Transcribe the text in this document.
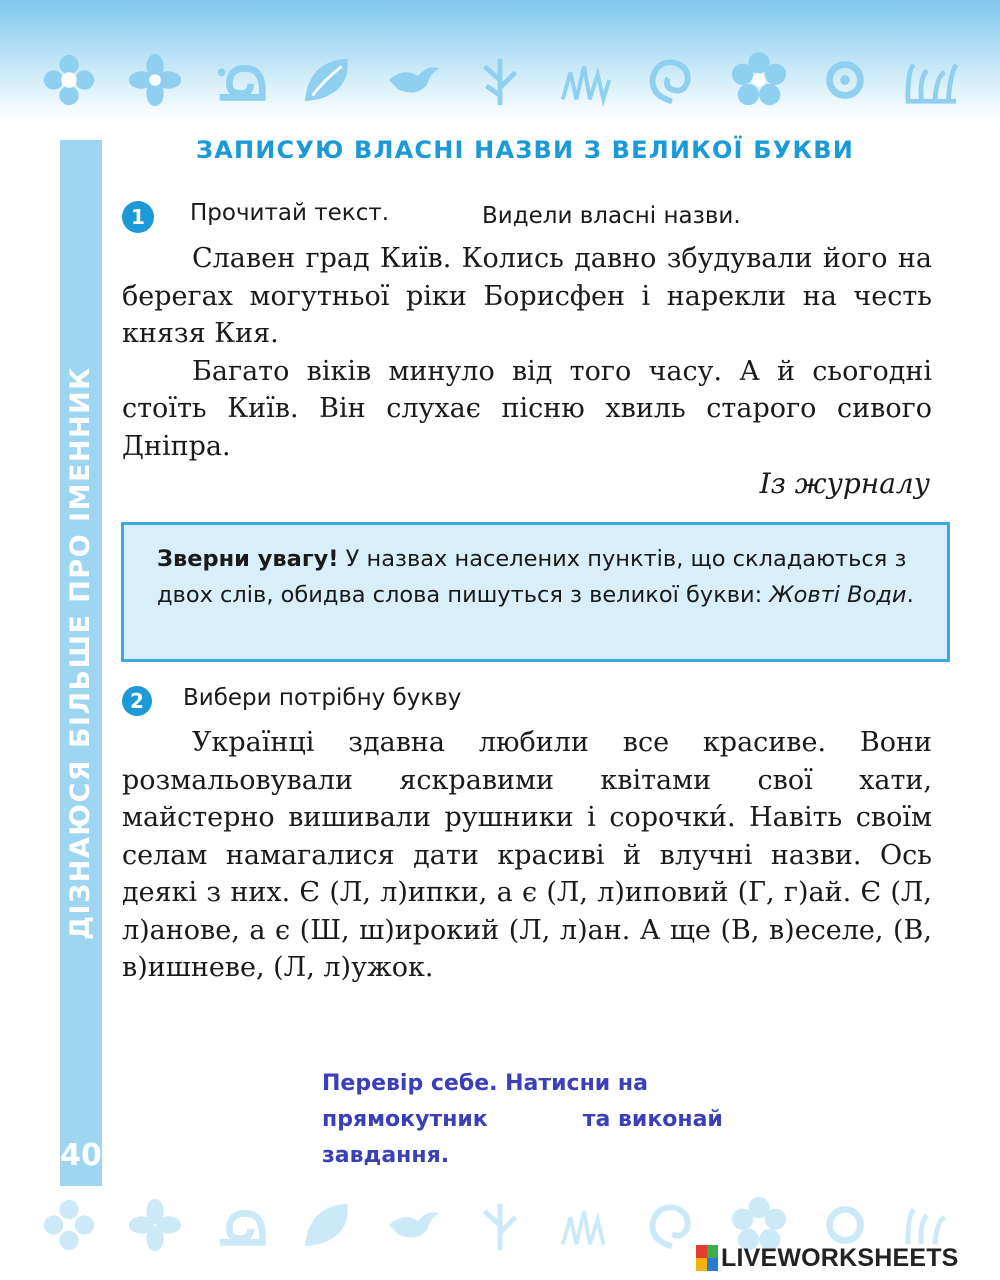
ДІЗНАЮСЯ БІЛЬШЕ ПРО ІМЕННИК
40
ЗАПИСУЮ ВЛАСНІ НАЗВИ З ВЕЛИКОЇ БУКВИ
1	Прочитай текст.	Видели власні назви.

Славен град Київ. Колись давно збудували його на берегах могутньої ріки Борисфен і нарекли на честь князя Кия.

Багато віків минуло від того часу. А й сьогодні стоїть Київ. Він слухає пісню хвиль старого сивого Дніпра.

Із журналу
Зверни увагу! У назвах населених пунктів, що складаються з двох слів, обидва слова пишуться з великої букви: Жовті Води.
2	Вибери потрібну букву

Українці здавна любили все красиве. Вони розмальовували яскравими квітами свої хати, майстерно вишивали рушники і сорочки́. Навіть своїм селам намагалися дати красиві й влучні назви. Ось деякі з них. Є (Л, л)ипки, а є (Л, л)иповий (Г, г)ай. Є (Л, л)анове, а є (Ш, ш)ирокий (Л, л)ан. А ще (В, в)еселе, (В, в)ишневе, (Л, л)ужок.

Перевір себе. Натисни на
прямокутник	та виконай
завдання.
LIVEWORKSHEETS
